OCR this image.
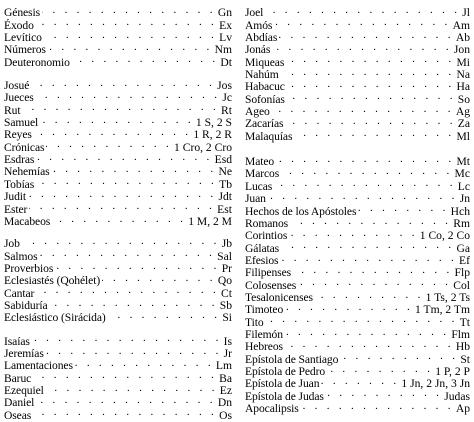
Génesis . . .	Gn
Éxodo . . .	Ex
Levítico . . .	Lv
Números . . .	Nm
Deuteronomio . . .	Dt
Josué . . .	Jos
Jueces . . .	Jc
Rut . . .	Rt
Samuel . . .	1 S, 2 S
Reyes . . .	1 R, 2 R
Crónicas . . .	1 Cro, 2 Cro
Esdras . . .	Esd
Nehemías . . .	Ne
Tobías . . .	Tb
Judit . . .	Jdt
Ester . . .	Est
Macabeos . . .	1 M, 2 M
Job . . .	Jb
Salmos . . .	Sal
Proverbios . . .	Pr
Eclesiastés (Qohélet) . . .	Qo
Cantar . . .	Ct
Sabiduría . . .	Sb
Eclesiástico (Sirácida) . . .	Si
Isaías . . .	Is
Jeremías . . .	Jr
Lamentaciones . . .	Lm
Baruc . . .	Ba
Ezequiel . . .	Ez
Daniel . . .	Dn
Oseas . . .	Os
Joel . . .	Jl
Amós . . .	Am
Abdías . . .	Ab
Jonás . . .	Jon
Miqueas . . .	Mi
Nahúm . . .	Na
Habacuc . . .	Ha
Sofonías . . .	So
Ageo . . .	Ag
Zacarías . . .	Za
Malaquías . . .	Ml
Mateo . . .	Mt
Marcos . . .	Mc
Lucas . . .	Lc
Juan . . .	Jn
Hechos de los Apóstoles . . .	Hch
Romanos . . .	Rm
Corintios . . .	1 Co, 2 Co
Gálatas . . .	Ga
Efesios . . .	Ef
Filipenses . . .	Flp
Colosenses . . .	Col
Tesalonicenses . . .	1 Ts, 2 Ts
Timoteo . . .	1 Tm, 2 Tm
Tito . . .	Tt
Filemón . . .	Flm
Hebreos . . .	Hb
Epístola de Santiago . . .	St
Epístola de Pedro . . .	1 P, 2 P
Epístola de Juan . . .	1 Jn, 2 Jn, 3 Jn
Epístola de Judas . . .	Judas
Apocalipsis . . .	Ap
